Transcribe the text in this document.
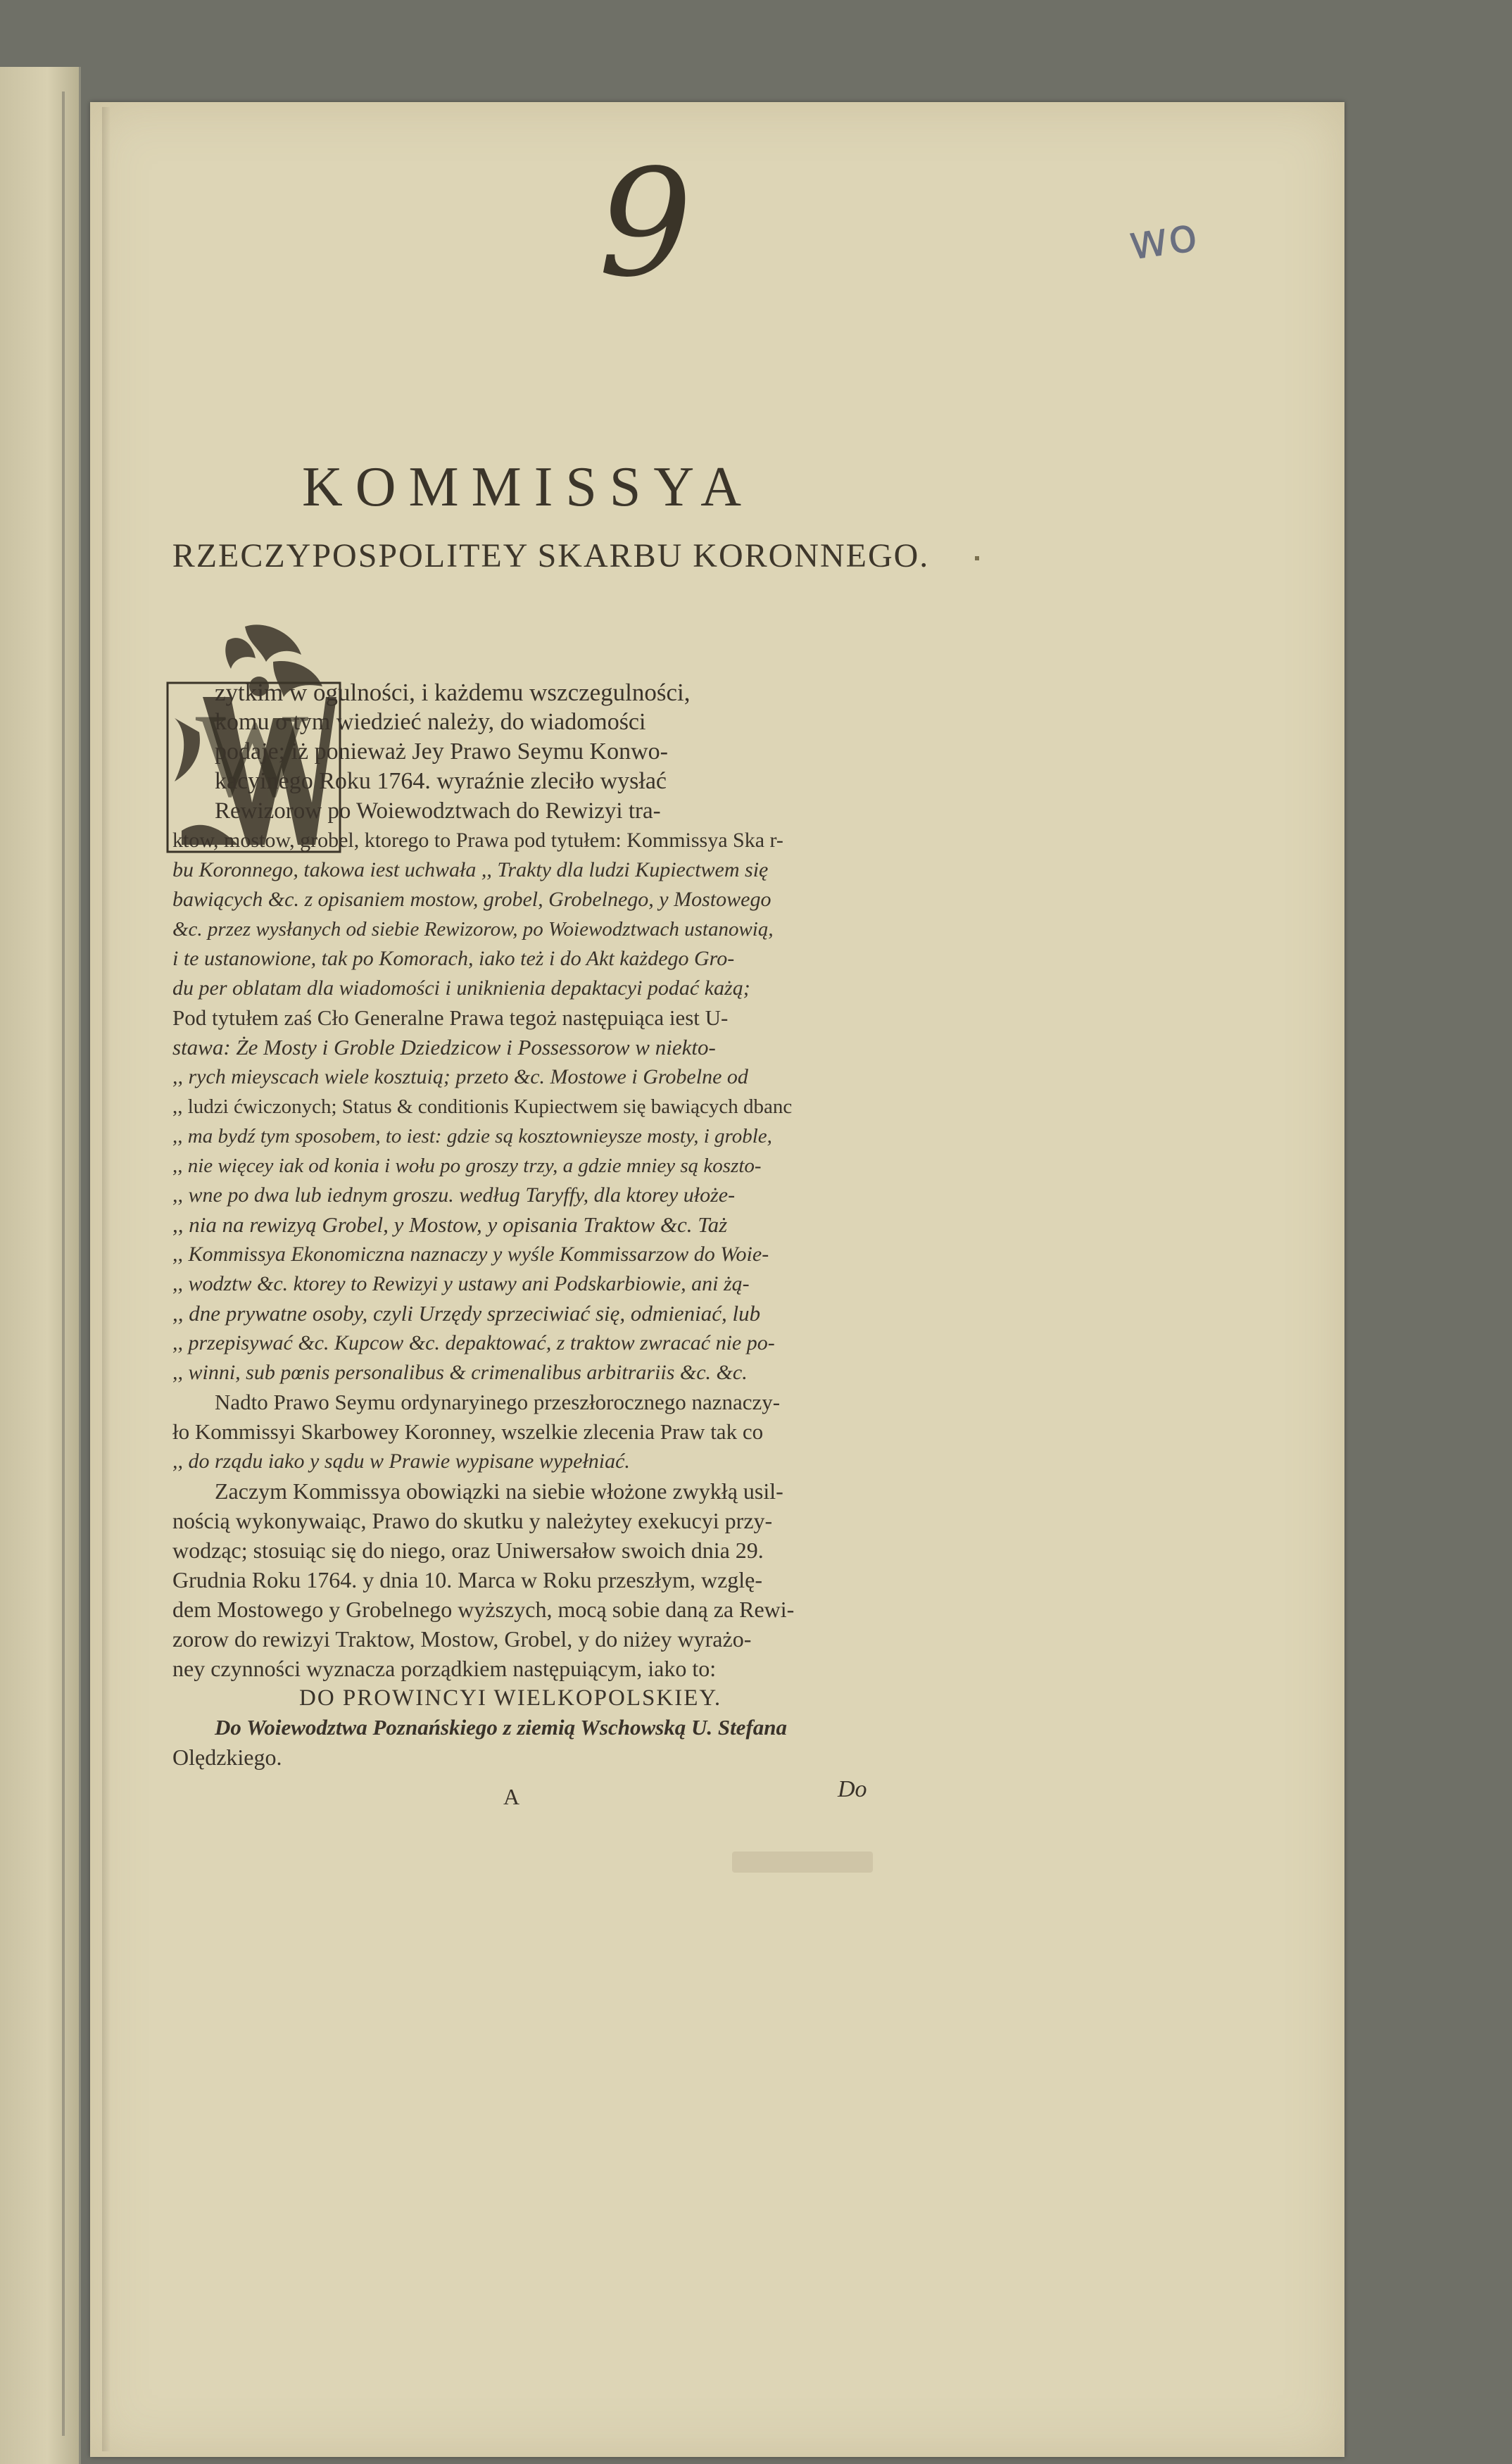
9	wo
KOMMISSYA
RZECZYPOSPOLITEY SKARBU KORONNEGO.
W
zytkim w ogulności, i każdemu wszczegulności,
komu o tym wiedzieć należy, do wiadomości
podaje; iż ponieważ Jey Prawo Seymu Konwo-
kacyinego Roku 1764. wyraźnie zleciło wysłać
Rewizorow po Woiewodztwach do Rewizyi tra-
ktow, mostow, grobel, ktorego to Prawa pod tytułem: Kommissya Ska r-
bu Koronnego, takowa iest uchwała ,, Trakty dla ludzi Kupiectwem się
bawiących &c. z opisaniem mostow, grobel, Grobelnego, y Mostowego
&c. przez wysłanych od siebie Rewizorow, po Woiewodztwach ustanowią,
i te ustanowione, tak po Komorach, iako też i do Akt każdego Gro-
du per oblatam dla wiadomości i uniknienia depaktacyi podać każą;
Pod tytułem zaś Cło Generalne Prawa tegoż następuiąca iest U-
stawa: Że Mosty i Groble Dziedzicow i Possessorow w niekto-
,, rych mieyscach wiele kosztuią; przeto &c. Mostowe i Grobelne od
,, ludzi ćwiczonych; Status & conditionis Kupiectwem się bawiących dbanc
,, ma bydź tym sposobem, to iest: gdzie są kosztownieysze mosty, i groble,
,, nie więcey iak od konia i wołu po groszy trzy, a gdzie mniey są koszto-
,, wne po dwa lub iednym groszu. według Taryffy, dla ktorey ułoże-
,, nia na rewizyą Grobel, y Mostow, y opisania Traktow &c. Taż
,, Kommissya Ekonomiczna naznaczy y wyśle Kommissarzow do Woie-
,, wodztw &c. ktorey to Rewizyi y ustawy ani Podskarbiowie, ani żą-
,, dne prywatne osoby, czyli Urzędy sprzeciwiać się, odmieniać, lub
,, przepisywać &c. Kupcow &c. depaktować, z traktow zwracać nie po-
,, winni, sub pœnis personalibus & crimenalibus arbitrariis &c. &c.
Nadto Prawo Seymu ordynaryinego przeszłorocznego naznaczy-
ło Kommissyi Skarbowey Koronney, wszelkie zlecenia Praw tak co
,, do rządu iako y sądu w Prawie wypisane wypełniać.
Zaczym Kommissya obowiązki na siebie włożone zwykłą usil-
nością wykonywaiąc, Prawo do skutku y należytey exekucyi przy-
wodząc; stosuiąc się do niego, oraz Uniwersałow swoich dnia 29.
Grudnia Roku 1764. y dnia 10. Marca w Roku przeszłym, wzglę-
dem Mostowego y Grobelnego wyższych, mocą sobie daną za Rewi-
zorow do rewizyi Traktow, Mostow, Grobel, y do niżey wyrażo-
ney czynności wyznacza porządkiem następuiącym, iako to:
DO PROWINCYI WIELKOPOLSKIEY.
Do Woiewodztwa Poznańskiego z ziemią Wschowską U. Stefana
Olędzkiego.
A	Do
